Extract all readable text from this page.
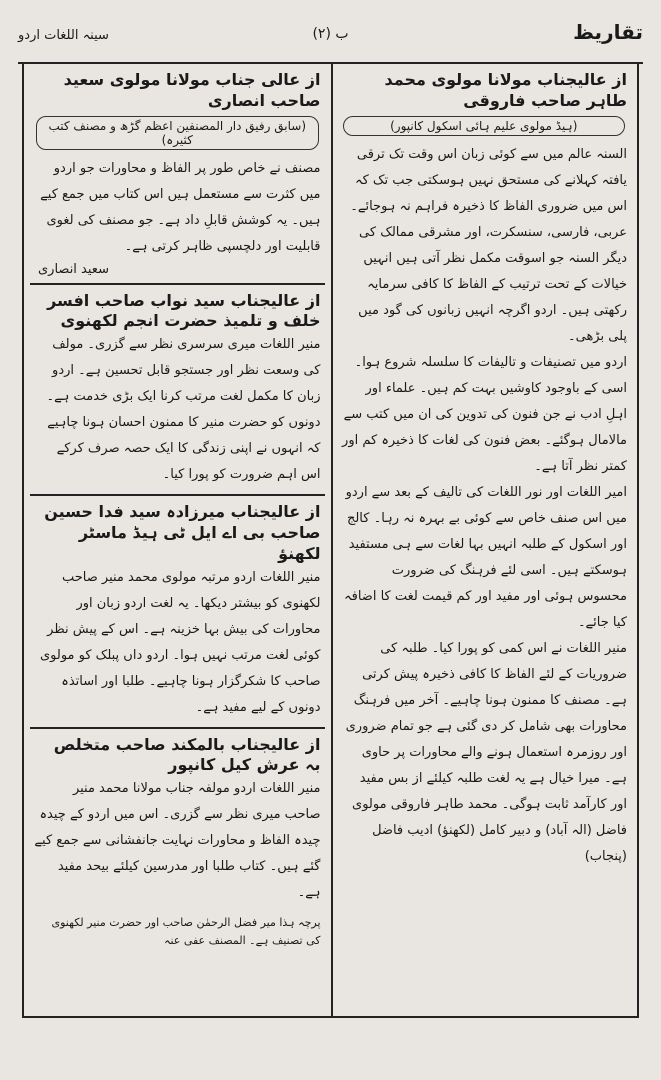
سینہ اللغات اردو	ب (۲)	تقاریظ
از عالیجناب مولانا مولوی محمد طاہر صاحب فاروقی
(ہیڈ مولوی علیم ہائی اسکول کانپور)

السنہ عالم میں سے کوئی زبان اس وقت تک ترقی یافتہ کہلانے کی مستحق نہیں ہوسکتی جب تک کہ اس میں ضروری الفاظ کا ذخیرہ فراہم نہ ہوجائے۔ عربی، فارسی، سنسکرت، اور مشرقی ممالک کی دیگر السنہ جو اسوقت مکمل نظر آتی ہیں انہیں خیالات کے تحت ترتیب کے الفاظ کا کافی سرمایہ رکھتی ہیں۔ اردو اگرچہ انہیں زبانوں کی گود میں پلی بڑھی۔

اردو میں تصنیفات و تالیفات کا سلسلہ شروع ہوا۔ اسی کے باوجود کاوشیں بہت کم ہیں۔ علماء اور اہلِ ادب نے جن فنون کی تدوین کی ان میں کتب سے مالامال ہوگئے۔ بعض فنون کی لغات کا ذخیرہ کم اور کمتر نظر آتا ہے۔

امیر اللغات اور نور اللغات کی تالیف کے بعد سے اردو میں اس صنف خاص سے کوئی بے بہرہ نہ رہا۔ کالج اور اسکول کے طلبہ انہیں بہا لغات سے ہی مستفید ہوسکتے ہیں۔ اسی لئے فرہنگ کی ضرورت محسوس ہوئی اور مفید اور کم قیمت لغت کا اضافہ کیا جائے۔

منیر اللغات نے اس کمی کو پورا کیا۔ طلبہ کی ضروریات کے لئے الفاظ کا کافی ذخیرہ پیش کرتی ہے۔ مصنف کا ممنون ہونا چاہیے۔ آخر میں فرہنگ محاورات بھی شامل کر دی گئی ہے جو تمام ضروری اور روزمرہ استعمال ہونے والے محاورات پر حاوی ہے۔ میرا خیال ہے یہ لغت طلبہ کیلئے از بس مفید اور کارآمد ثابت ہوگی۔ محمد طاہر فاروقی مولوی فاضل (الہ آباد) و دبیر کامل (لکھنؤ) ادیب فاضل (پنجاب)

از عالی جناب مولانا مولوی سعید صاحب انصاری
(سابق رفیق دار المصنفین اعظم گڑھ و مصنف کتب کثیرہ)

مصنف نے خاص طور پر الفاظ و محاورات جو اردو میں کثرت سے مستعمل ہیں اس کتاب میں جمع کیے ہیں۔ یہ کوشش قابلِ داد ہے۔ جو مصنف کی لغوی قابلیت اور دلچسپی ظاہر کرتی ہے۔

سعید انصاری
از عالیجناب سید نواب صاحب افسر خلف و تلمیذ حضرت انجم لکھنوی

منیر اللغات میری سرسری نظر سے گزری۔ مولف کی وسعت نظر اور جستجو قابل تحسین ہے۔ اردو زبان کا مکمل لغت مرتب کرنا ایک بڑی خدمت ہے۔ دونوں کو حضرت منیر کا ممنون احسان ہونا چاہیے کہ انہوں نے اپنی زندگی کا ایک حصہ صرف کرکے اس اہم ضرورت کو پورا کیا۔

از عالیجناب میرزادہ سید فدا حسین صاحب بی اے ایل ٹی ہیڈ ماسٹر لکھنؤ

منیر اللغات اردو مرتبہ مولوی محمد منیر صاحب لکھنوی کو بیشتر دیکھا۔ یہ لغت اردو زبان اور محاورات کی بیش بہا خزینہ ہے۔ اس کے پیش نظر کوئی لغت مرتب نہیں ہوا۔ اردو داں پبلک کو مولوی صاحب کا شکرگزار ہونا چاہیے۔ طلبا اور اساتذہ دونوں کے لیے مفید ہے۔

از عالیجناب بالمکند صاحب متخلص بہ عرش کیل کانپور

منیر اللغات اردو مولفہ جناب مولانا محمد منیر صاحب میری نظر سے گزری۔ اس میں اردو کے چیدہ چیدہ الفاظ و محاورات نہایت جانفشانی سے جمع کیے گئے ہیں۔ کتاب طلبا اور مدرسین کیلئے بیحد مفید ہے۔

پرچہ ہذا میر فضل الرحمٰن صاحب اور حضرت منیر لکھنوی کی تصنیف ہے۔ المصنف عفی عنہ
